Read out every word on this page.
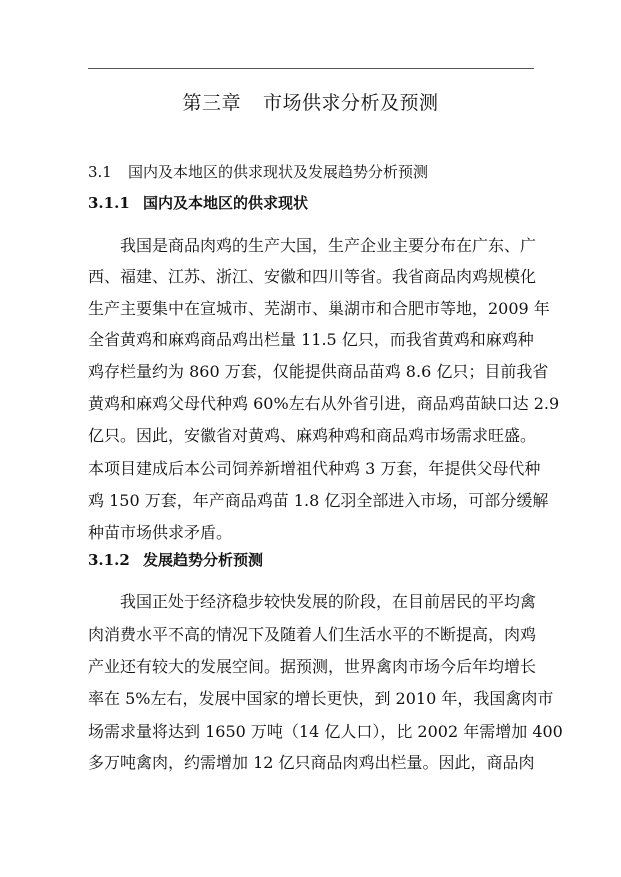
第三章 市场供求分析及预测
3.1 国内及本地区的供求现状及发展趋势分析预测
3.1.1 国内及本地区的供求现状
　　我国是商品肉鸡的生产大国，生产企业主要分布在广东、广
西、福建、江苏、浙江、安徽和四川等省。我省商品肉鸡规模化
生产主要集中在宣城市、芜湖市、巢湖市和合肥市等地，2009 年
全省黄鸡和麻鸡商品鸡出栏量 11.5 亿只，而我省黄鸡和麻鸡种
鸡存栏量约为 860 万套，仅能提供商品苗鸡 8.6 亿只；目前我省
黄鸡和麻鸡父母代种鸡 60%左右从外省引进，商品鸡苗缺口达 2.9
亿只。因此，安徽省对黄鸡、麻鸡种鸡和商品鸡市场需求旺盛。
本项目建成后本公司饲养新增祖代种鸡 3 万套，年提供父母代种
鸡 150 万套，年产商品鸡苗 1.8 亿羽全部进入市场，可部分缓解
种苗市场供求矛盾。
3.1.2 发展趋势分析预测
　　我国正处于经济稳步较快发展的阶段，在目前居民的平均禽
肉消费水平不高的情况下及随着人们生活水平的不断提高，肉鸡
产业还有较大的发展空间。据预测，世界禽肉市场今后年均增长
率在 5%左右，发展中国家的增长更快，到 2010 年，我国禽肉市
场需求量将达到 1650 万吨（14 亿人口），比 2002 年需增加 400
多万吨禽肉，约需增加 12 亿只商品肉鸡出栏量。因此，商品肉
